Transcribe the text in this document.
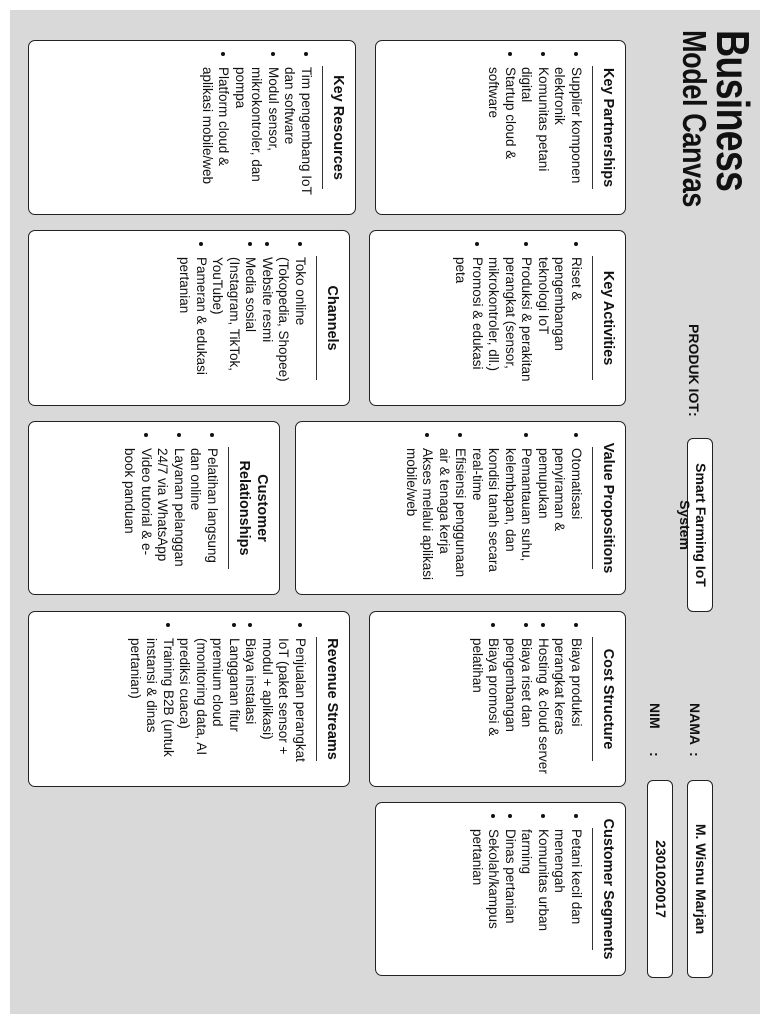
Business
Model Canvas
PRODUK IOT
:
Smart Farming IoT System
NAMA
:
M. Wisnu Marjan
NIM
:
2301020017
Key Partnerships
• Supplier komponen elektronik
• Komunitas petani digital
• Startup cloud & software
Key Activities
• Riset & pengembangan teknologi IoT
• Produksi & perakitan perangkat (sensor, mikrokontroler, dll.)
• Promosi & edukasi peta
Value Propositions
• Otomatisasi penyiraman & pemupukan
• Pemantauan suhu, kelembapan, dan kondisi tanah secara real-time
• Efisiensi penggunaan air & tenaga kerja
• Akses melalui aplikasi mobile/web
Cost Structure
• Biaya produksi perangkat keras
• Hosting & cloud server
• Biaya riset dan pengembangan
• Biaya promosi & pelatihan
Customer Segments
• Petani kecil dan menengah
• Komunitas urban farming
• Dinas pertanian
• Sekolah/kampus pertanian
Key Resources
• Tim pengembang IoT dan software
• Modul sensor, mikrokontroler, dan pompa
• Platform cloud & aplikasi mobile/web
Channels
• Toko online (Tokopedia, Shopee)
• Website resmi
• Media sosial (Instagram, TikTok, YouTube)
• Pameran & edukasi pertanian
Customer Relationships
• Pelatihan langsung dan online
• Layanan pelanggan 24/7 via WhatsApp
• Video tutorial & e-book panduan
Revenue Streams
• Penjualan perangkat IoT (paket sensor + modul + aplikasi)
• Biaya instalasi
• Langganan fitur premium cloud (monitoring data, AI prediksi cuaca)
• Training B2B (untuk instansi & dinas pertanian)
